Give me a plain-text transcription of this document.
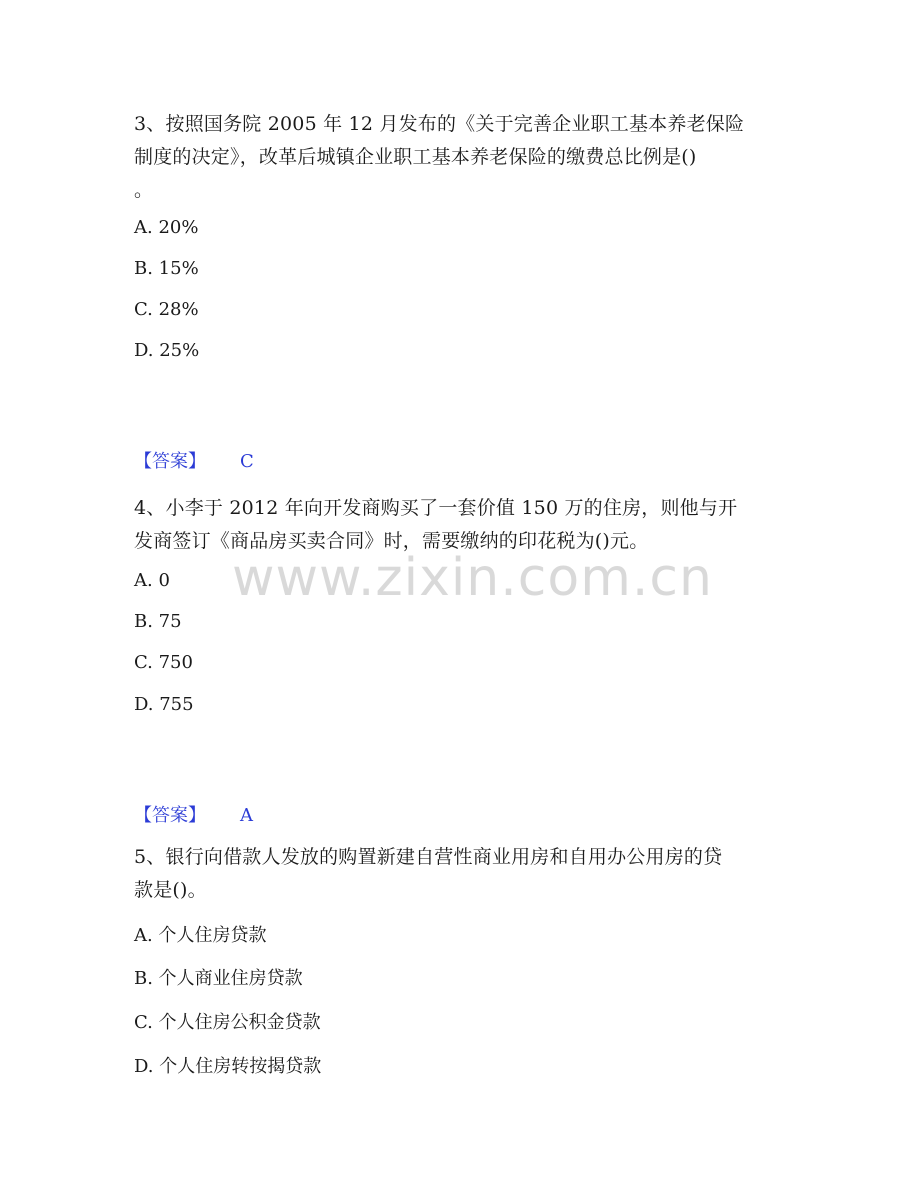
3、按照国务院 2005 年 12 月发布的《关于完善企业职工基本养老保险
制度的决定》，改革后城镇企业职工基本养老保险的缴费总比例是()
。
A. 20%
B. 15%
C. 28%
D. 25%
【答案】 C
4、小李于 2012 年向开发商购买了一套价值 150 万的住房，则他与开
发商签订《商品房买卖合同》时，需要缴纳的印花税为()元。
A. 0
B. 75
C. 750
D. 755
【答案】 A
5、银行向借款人发放的购置新建自营性商业用房和自用办公用房的贷
款是()。
A. 个人住房贷款
B. 个人商业住房贷款
C. 个人住房公积金贷款
D. 个人住房转按揭贷款
www.zixin.com.cn
